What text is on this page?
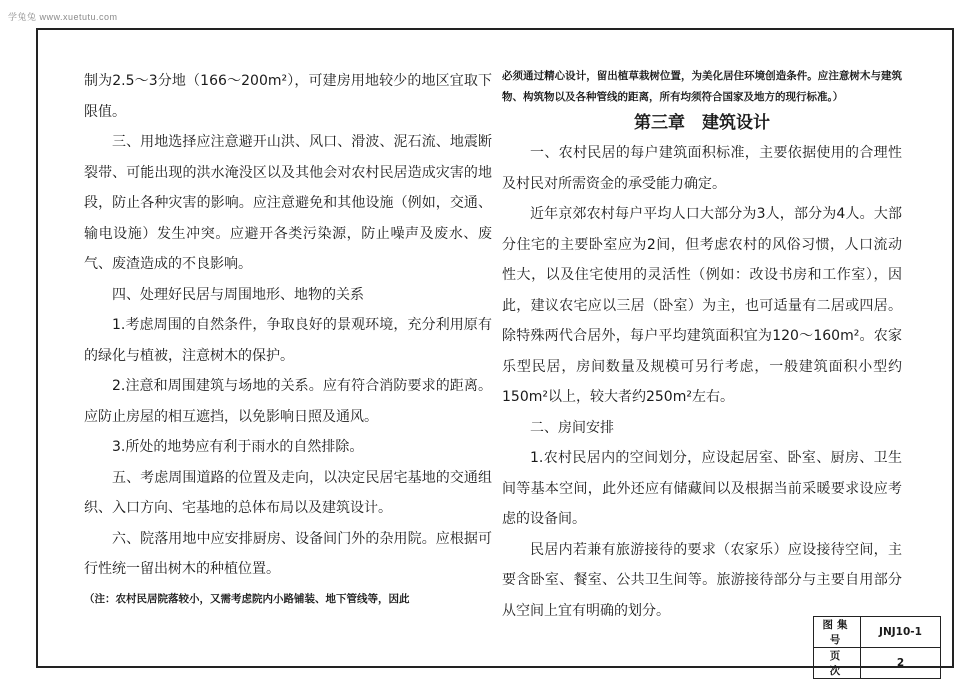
学兔兔 www.xuetutu.com

制为2.5～3分地（166～200m²），可建房用地较少的地区宜取下限值。

三、用地选择应注意避开山洪、风口、滑波、泥石流、地震断裂带、可能出现的洪水淹没区以及其他会对农村民居造成灾害的地段，防止各种灾害的影响。应注意避免和其他设施（例如，交通、输电设施）发生冲突。应避开各类污染源，防止噪声及废水、废气、废渣造成的不良影响。

四、处理好民居与周围地形、地物的关系

1.考虑周围的自然条件，争取良好的景观环境，充分利用原有的绿化与植被，注意树木的保护。

2.注意和周围建筑与场地的关系。应有符合消防要求的距离。应防止房屋的相互遮挡，以免影响日照及通风。

3.所处的地势应有利于雨水的自然排除。

五、考虑周围道路的位置及走向，以决定民居宅基地的交通组织、入口方向、宅基地的总体布局以及建筑设计。

六、院落用地中应安排厨房、设备间门外的杂用院。应根据可行性统一留出树木的种植位置。

（注：农村民居院落较小，又需考虑院内小路铺装、地下管线等，因此

必须通过精心设计，留出植草栽树位置，为美化居住环境创造条件。应注意树木与建筑物、构筑物以及各种管线的距离，所有均须符合国家及地方的现行标准。）

第三章　建筑设计

一、农村民居的每户建筑面积标准，主要依据使用的合理性及村民对所需资金的承受能力确定。

近年京郊农村每户平均人口大部分为3人，部分为4人。大部分住宅的主要卧室应为2间，但考虑农村的风俗习惯，人口流动性大，以及住宅使用的灵活性（例如：改设书房和工作室），因此，建议农宅应以三居（卧室）为主，也可适量有二居或四居。除特殊两代合居外，每户平均建筑面积宜为120～160m²。农家乐型民居，房间数量及规模可另行考虑，一般建筑面积小型约150m²以上，较大者约250m²左右。

二、房间安排

1.农村民居内的空间划分，应设起居室、卧室、厨房、卫生间等基本空间，此外还应有储藏间以及根据当前采暖要求设应考虑的设备间。

民居内若兼有旅游接待的要求（农家乐）应设接待空间，主要含卧室、餐室、公共卫生间等。旅游接待部分与主要自用部分从空间上宜有明确的划分。

图集号	JNJ10-1
页　次	2
